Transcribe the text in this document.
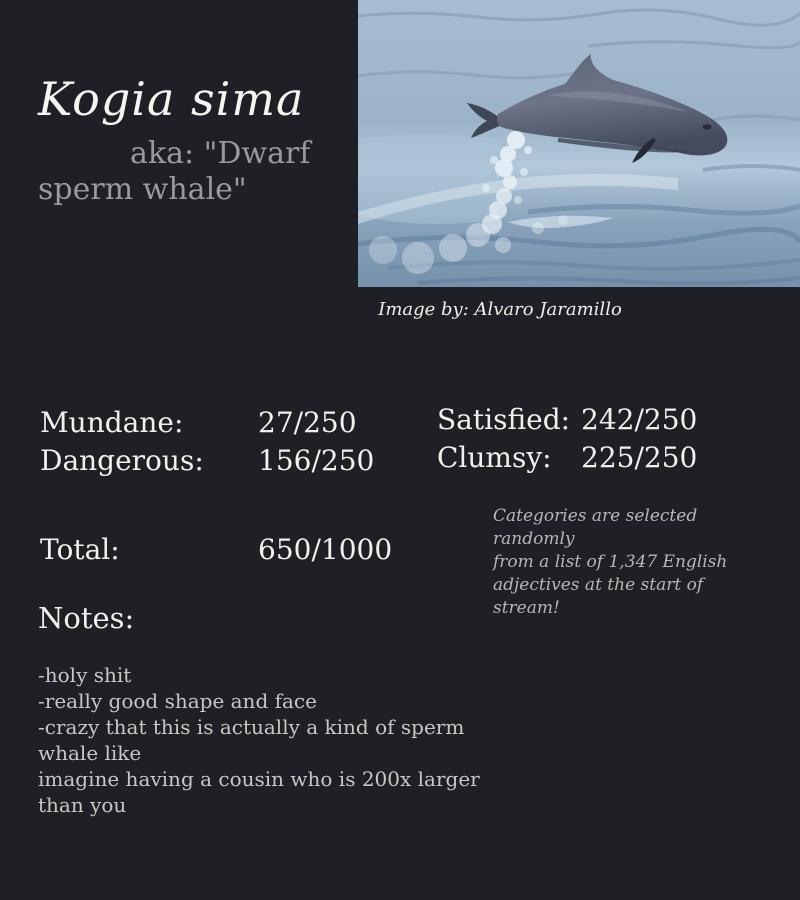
Kogia sima
aka: "Dwarf sperm whale"
Image by: Alvaro Jaramillo
Mundane:	27/250
Dangerous: 156/250
Satisfied: 242/250
Clumsy: 225/250
Total:	650/1000
Categories are selected randomly
from a list of 1,347 English
adjectives at the start of stream!
Notes:
-holy shit
-really good shape and face
-crazy that this is actually a kind of sperm whale like
imagine having a cousin who is 200x larger than you
